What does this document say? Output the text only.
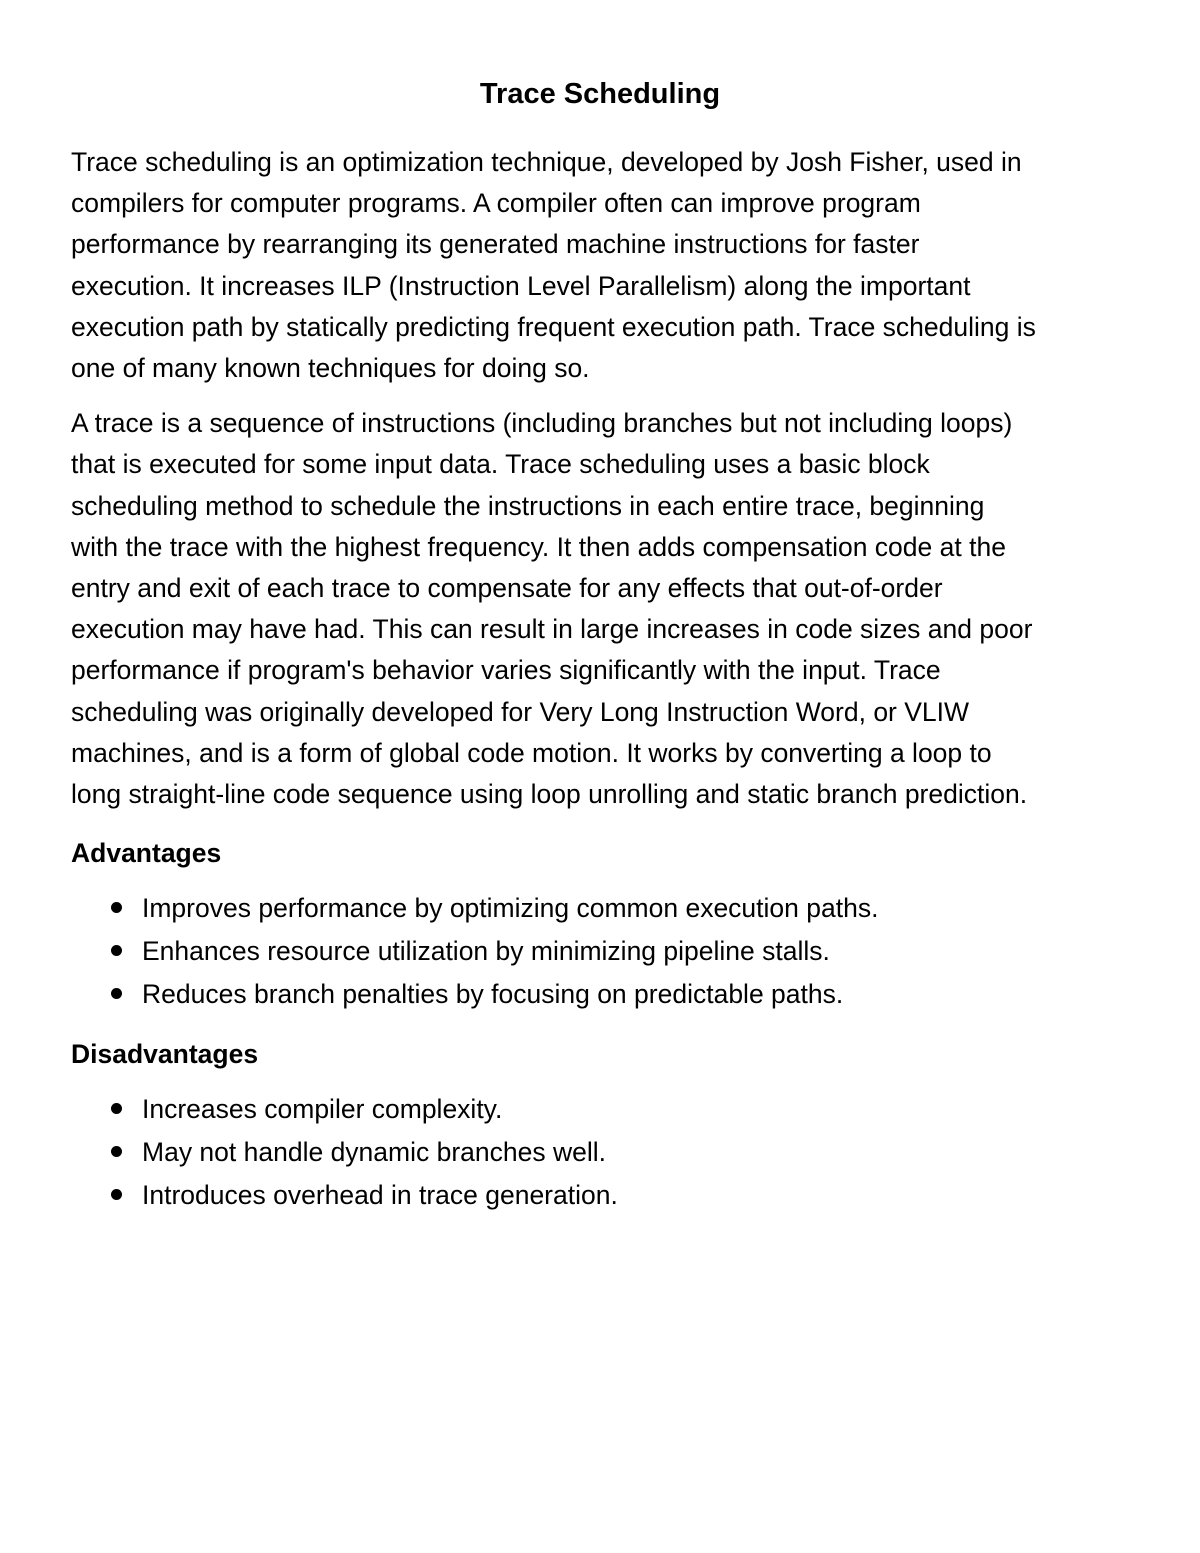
Trace Scheduling

Trace scheduling is an optimization technique, developed by Josh Fisher, used in
compilers for computer programs. A compiler often can improve program
performance by rearranging its generated machine instructions for faster
execution. It increases ILP (Instruction Level Parallelism) along the important
execution path by statically predicting frequent execution path. Trace scheduling is
one of many known techniques for doing so.

A trace is a sequence of instructions (including branches but not including loops)
that is executed for some input data. Trace scheduling uses a basic block
scheduling method to schedule the instructions in each entire trace, beginning
with the trace with the highest frequency. It then adds compensation code at the
entry and exit of each trace to compensate for any effects that out-of-order
execution may have had. This can result in large increases in code sizes and poor
performance if program's behavior varies significantly with the input. Trace
scheduling was originally developed for Very Long Instruction Word, or VLIW
machines, and is a form of global code motion. It works by converting a loop to
long straight-line code sequence using loop unrolling and static branch prediction.

Advantages
Improves performance by optimizing common execution paths.
Enhances resource utilization by minimizing pipeline stalls.
Reduces branch penalties by focusing on predictable paths.
Disadvantages
Increases compiler complexity.
May not handle dynamic branches well.
Introduces overhead in trace generation.
